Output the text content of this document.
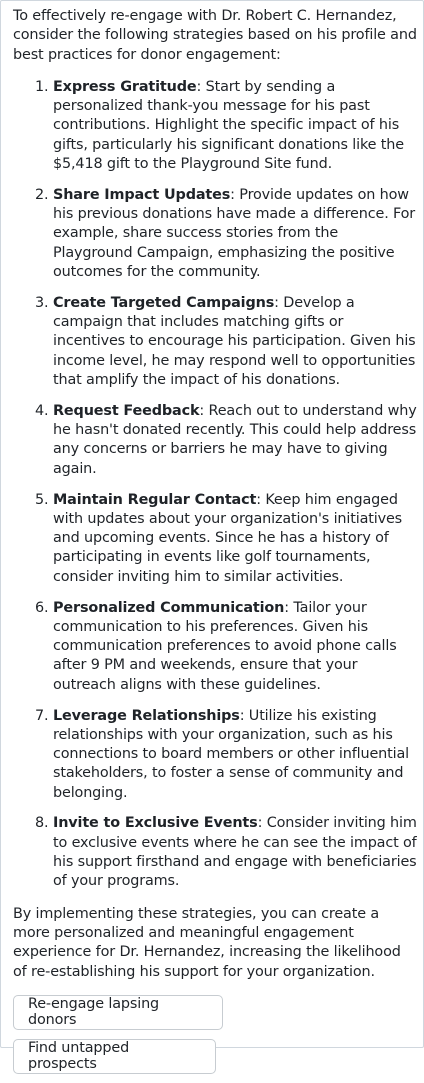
To effectively re-engage with Dr. Robert C. Hernandez, consider the following strategies based on his profile and best practices for donor engagement:

1. Express Gratitude: Start by sending a personalized thank-you message for his past contributions. Highlight the specific impact of his gifts, particularly his significant donations like the $5,418 gift to the Playground Site fund.
2. Share Impact Updates: Provide updates on how his previous donations have made a difference. For example, share success stories from the Playground Campaign, emphasizing the positive outcomes for the community.
3. Create Targeted Campaigns: Develop a campaign that includes matching gifts or incentives to encourage his participation. Given his income level, he may respond well to opportunities that amplify the impact of his donations.
4. Request Feedback: Reach out to understand why he hasn't donated recently. This could help address any concerns or barriers he may have to giving again.
5. Maintain Regular Contact: Keep him engaged with updates about your organization's initiatives and upcoming events. Since he has a history of participating in events like golf tournaments, consider inviting him to similar activities.
6. Personalized Communication: Tailor your communication to his preferences. Given his communication preferences to avoid phone calls after 9 PM and weekends, ensure that your outreach aligns with these guidelines.
7. Leverage Relationships: Utilize his existing relationships with your organization, such as his connections to board members or other influential stakeholders, to foster a sense of community and belonging.
8. Invite to Exclusive Events: Consider inviting him to exclusive events where he can see the impact of his support firsthand and engage with beneficiaries of your programs.

By implementing these strategies, you can create a more personalized and meaningful engagement experience for Dr. Hernandez, increasing the likelihood of re-establishing his support for your organization.

Re-engage lapsing donors
Find untapped prospects
